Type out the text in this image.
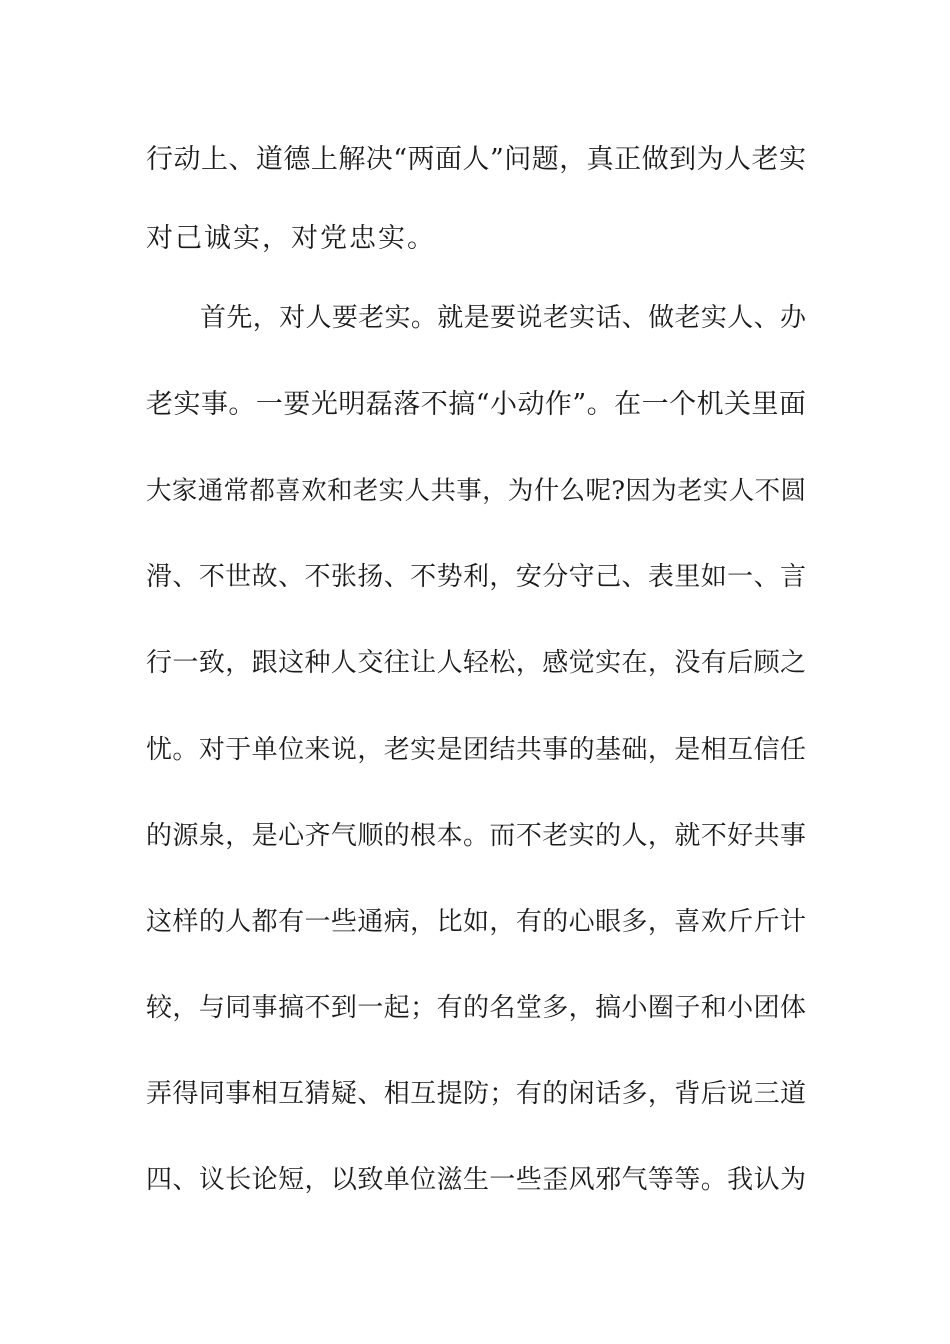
行动上、道德上解决“两面人”问题，真正做到为人老实
对己诚实，对党忠实。
首先，对人要老实。就是要说老实话、做老实人、办
老实事。一要光明磊落不搞“小动作”。在一个机关里面
大家通常都喜欢和老实人共事，为什么呢?因为老实人不圆
滑、不世故、不张扬、不势利，安分守己、表里如一、言
行一致，跟这种人交往让人轻松，感觉实在，没有后顾之
忧。对于单位来说，老实是团结共事的基础，是相互信任
的源泉，是心齐气顺的根本。而不老实的人，就不好共事
这样的人都有一些通病，比如，有的心眼多，喜欢斤斤计
较，与同事搞不到一起；有的名堂多，搞小圈子和小团体
弄得同事相互猜疑、相互提防；有的闲话多，背后说三道
四、议长论短，以致单位滋生一些歪风邪气等等。我认为
